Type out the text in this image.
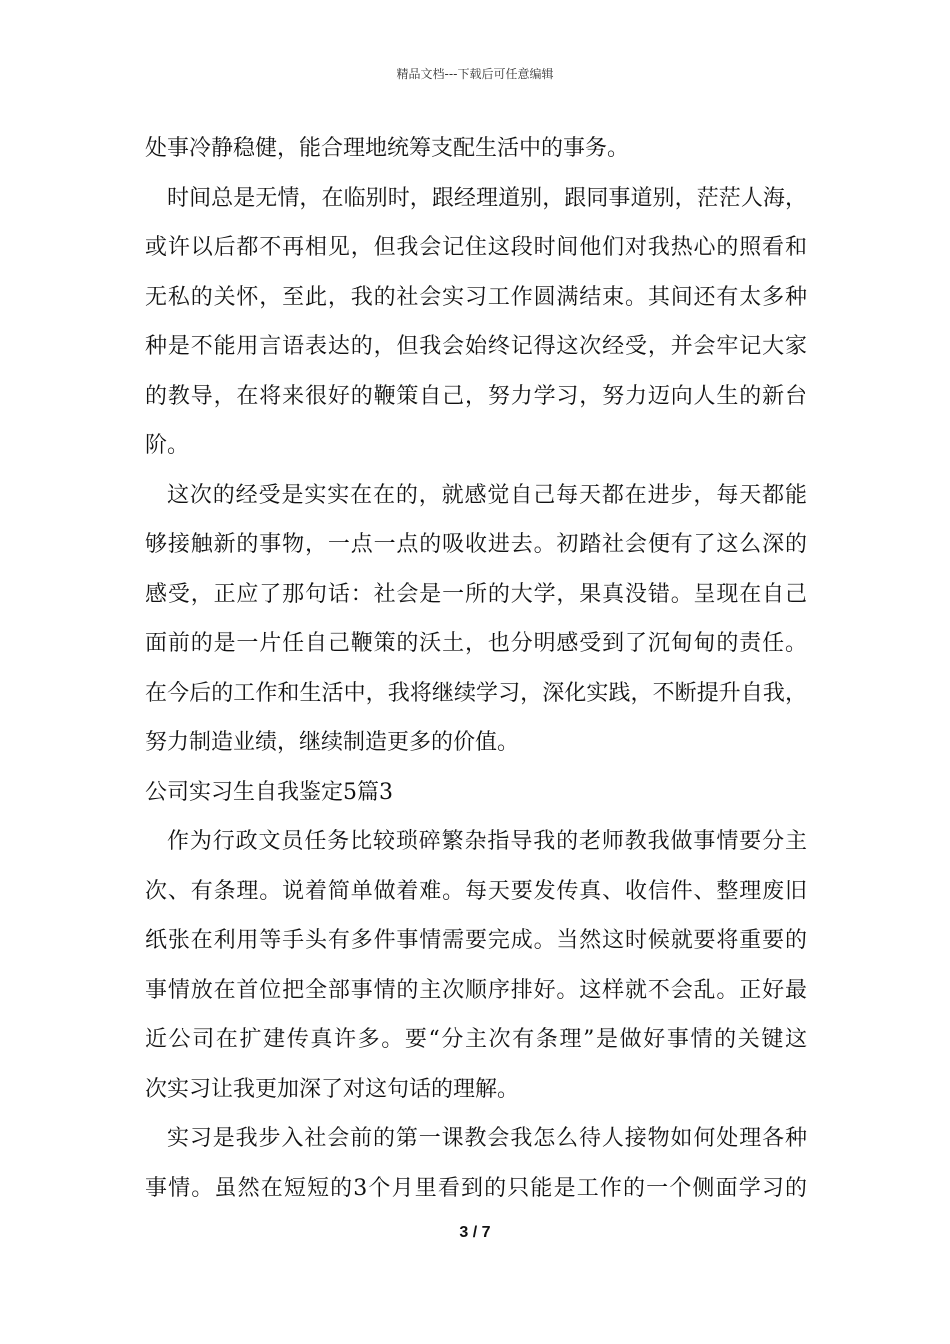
精品文档---下载后可任意编辑

处事冷静稳健，能合理地统筹支配生活中的事务。

时间总是无情，在临别时，跟经理道别，跟同事道别，茫茫人海，

或许以后都不再相见，但我会记住这段时间他们对我热心的照看和

无私的关怀，至此，我的社会实习工作圆满结束。其间还有太多种

种是不能用言语表达的，但我会始终记得这次经受，并会牢记大家

的教导，在将来很好的鞭策自己，努力学习，努力迈向人生的新台

阶。

这次的经受是实实在在的，就感觉自己每天都在进步，每天都能

够接触新的事物，一点一点的吸收进去。初踏社会便有了这么深的

感受，正应了那句话：社会是一所的大学，果真没错。呈现在自己

面前的是一片任自己鞭策的沃土，也分明感受到了沉甸甸的责任。

在今后的工作和生活中，我将继续学习，深化实践，不断提升自我，

努力制造业绩，继续制造更多的价值。

公司实习生自我鉴定5篇3

作为行政文员任务比较琐碎繁杂指导我的老师教我做事情要分主

次、有条理。说着简单做着难。每天要发传真、收信件、整理废旧

纸张在利用等手头有多件事情需要完成。当然这时候就要将重要的

事情放在首位把全部事情的主次顺序排好。这样就不会乱。正好最

近公司在扩建传真许多。要“分主次有条理”是做好事情的关键这

次实习让我更加深了对这句话的理解。

实习是我步入社会前的第一课教会我怎么待人接物如何处理各种

事情。虽然在短短的3个月里看到的只能是工作的一个侧面学习的

3 / 7
